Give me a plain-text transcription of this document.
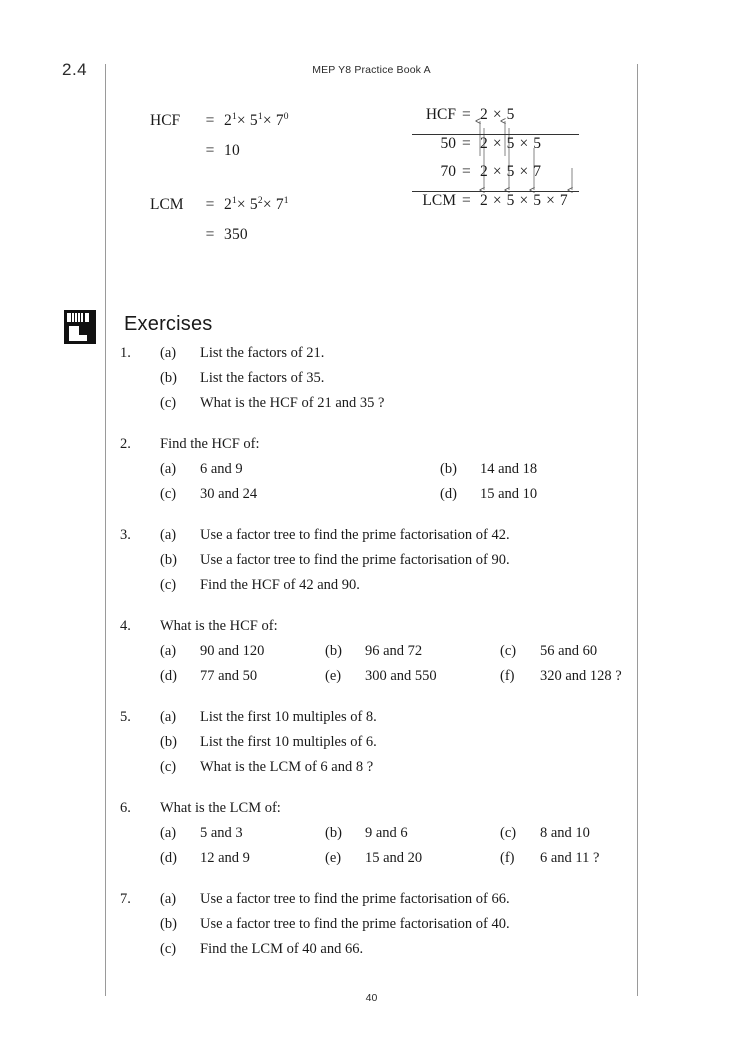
2.4	MEP Y8 Practice Book A
HCF	= $2^1\times 5^1\times 7^0$
= 10
LCM	= $2^1\times 5^2\times 7^1$
= 350
HCF = 2 × 5
50 = 2 × 5 × 5
70 = 2 × 5 × 7
LCM = 2 × 5 × 5 × 7
Exercises
1.	(a)	List the factors of 21.
(b)	List the factors of 35.
(c)	What is the HCF of 21 and 35 ?
2.	Find the HCF of:
(a)	6 and 9	(b)	14 and 18
(c)	30 and 24	(d)	15 and 10
3.	(a)	Use a factor tree to find the prime factorisation of 42.
(b)	Use a factor tree to find the prime factorisation of 90.
(c)	Find the HCF of 42 and 90.
4.	What is the HCF of:
(a)	90 and 120	(b)	96 and 72	(c)	56 and 60
(d)	77 and 50	(e)	300 and 550	(f)	320 and 128 ?
5.	(a)	List the first 10 multiples of 8.
(b)	List the first 10 multiples of 6.
(c)	What is the LCM of 6 and 8 ?
6.	What is the LCM of:
(a)	5 and 3	(b)	9 and 6	(c)	8 and 10
(d)	12 and 9	(e)	15 and 20	(f)	6 and 11 ?
7.	(a)	Use a factor tree to find the prime factorisation of 66.
(b)	Use a factor tree to find the prime factorisation of 40.
(c)	Find the LCM of 40 and 66.
40
